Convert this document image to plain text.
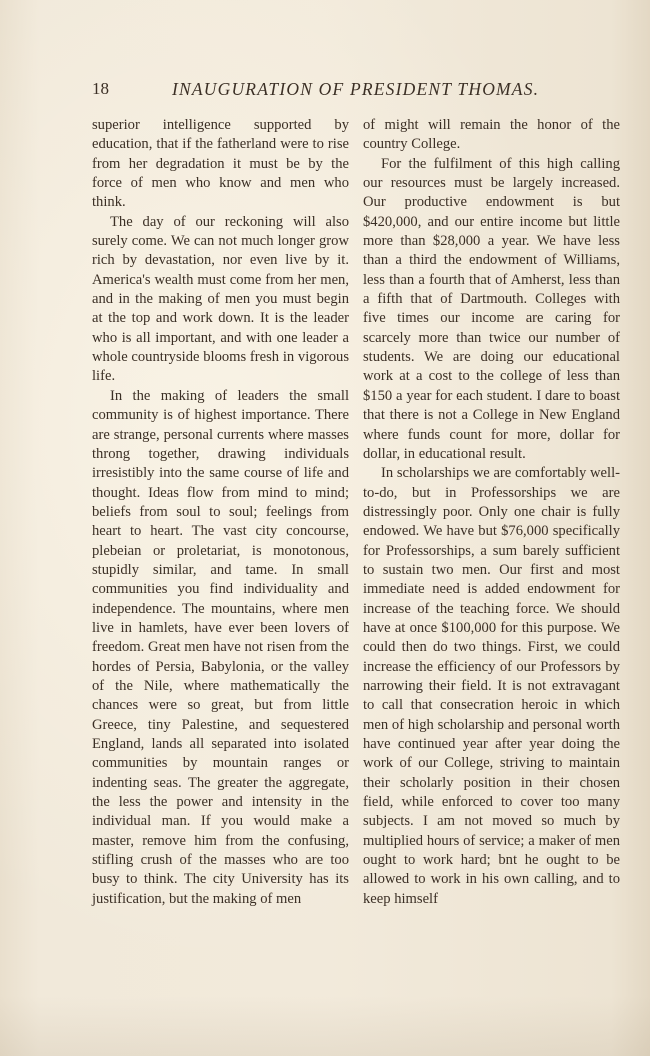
18	INAUGURATION OF PRESIDENT THOMAS.

superior intelligence supported by education, that if the fatherland were to rise from her degradation it must be by the force of men who know and men who think.

The day of our reckoning will also surely come. We can not much longer grow rich by devastation, nor even live by it. America's wealth must come from her men, and in the making of men you must begin at the top and work down. It is the leader who is all important, and with one leader a whole countryside blooms fresh in vigorous life.

In the making of leaders the small community is of highest importance. There are strange, personal currents where masses throng together, drawing individuals irresistibly into the same course of life and thought. Ideas flow from mind to mind; beliefs from soul to soul; feelings from heart to heart. The vast city concourse, plebeian or proletariat, is monotonous, stupidly similar, and tame. In small communities you find individuality and independence. The mountains, where men live in hamlets, have ever been lovers of freedom. Great men have not risen from the hordes of Persia, Babylonia, or the valley of the Nile, where mathematically the chances were so great, but from little Greece, tiny Palestine, and sequestered England, lands all separated into isolated communities by mountain ranges or indenting seas. The greater the aggregate, the less the power and intensity in the individual man. If you would make a master, remove him from the confusing, stifling crush of the masses who are too busy to think. The city University has its justification, but the making of men

of might will remain the honor of the country College.

For the fulfilment of this high calling our resources must be largely increased. Our productive endowment is but $420,000, and our entire income but little more than $28,000 a year. We have less than a third the endowment of Williams, less than a fourth that of Amherst, less than a fifth that of Dartmouth. Colleges with five times our income are caring for scarcely more than twice our number of students. We are doing our educational work at a cost to the college of less than $150 a year for each student. I dare to boast that there is not a College in New England where funds count for more, dollar for dollar, in educational result.

In scholarships we are comfortably well-to-do, but in Professorships we are distressingly poor. Only one chair is fully endowed. We have but $76,000 specifically for Professorships, a sum barely sufficient to sustain two men. Our first and most immediate need is added endowment for increase of the teaching force. We should have at once $100,000 for this purpose. We could then do two things. First, we could increase the efficiency of our Professors by narrowing their field. It is not extravagant to call that consecration heroic in which men of high scholarship and personal worth have continued year after year doing the work of our College, striving to maintain their scholarly position in their chosen field, while enforced to cover too many subjects. I am not moved so much by multiplied hours of service; a maker of men ought to work hard; bnt he ought to be allowed to work in his own calling, and to keep himself
